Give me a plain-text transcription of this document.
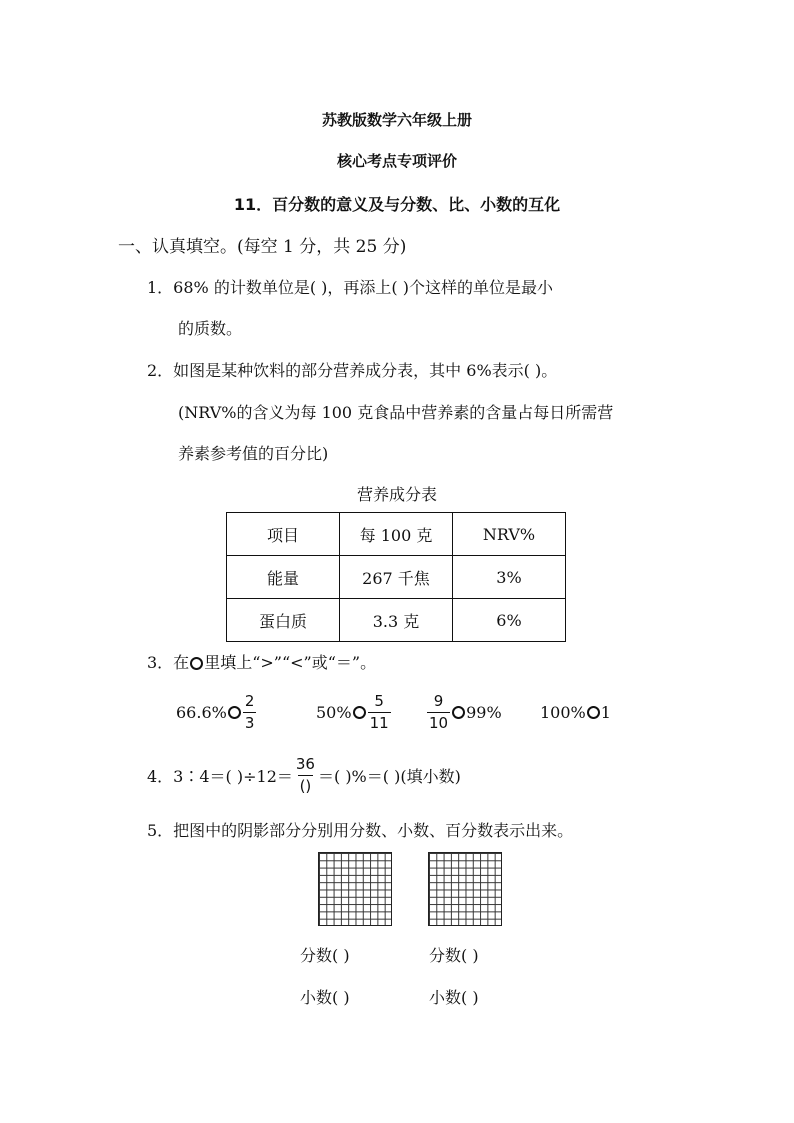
苏教版数学六年级上册
核心考点专项评价
11．百分数的意义及与分数、比、小数的互化
一、认真填空。(每空 1 分，共 25 分)
1．68% 的计数单位是( )，再添上( )个这样的单位是最小
的质数。
2．如图是某种饮料的部分营养成分表，其中 6%表示( )。
(NRV%的含义为每 100 克食品中营养素的含量占每日所需营
养素参考值的百分比)
营养成分表
项目	每 100 克	NRV%
能量	267 千焦	3%
蛋白质	3.3 克	6%
3．在 里填上“>”“<”或“＝”。
$66.6\% \frac{2}{3}$	$50\% \frac{5}{11} \frac{9}{10} 99\%$ 100% 1
4．3∶4＝( )$\div 12= \frac{36}{()}$ ＝( )%＝( )(填小数)
5．把图中的阴影部分分别用分数、小数、百分数表示出来。
分数( )	分数( )
小数( )	小数( )
